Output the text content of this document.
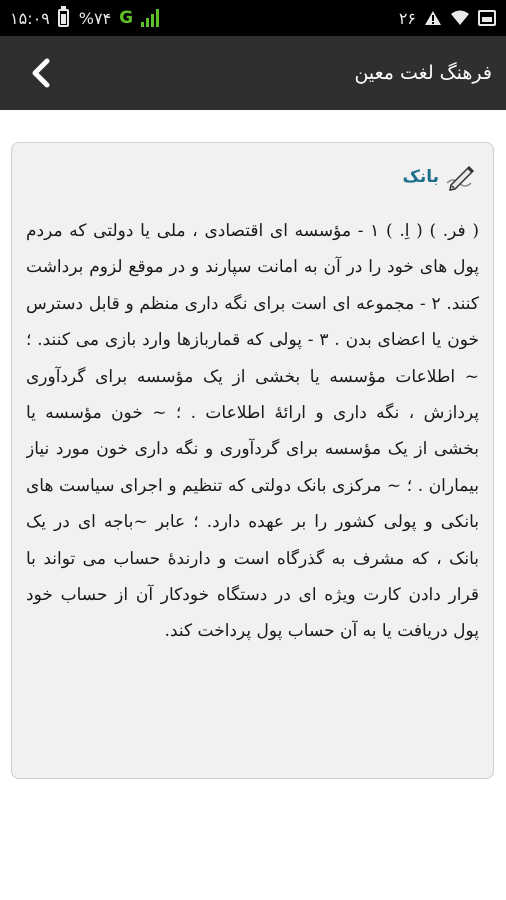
۱۵:۰۹ %۷۴ G	۲۶
فرهنگ لغت معین
بانک
( فر. ) ( اِ. ) ۱ - مؤسسه ای اقتصادی ، ملی یا دولتی که مردم پول های خود را در آن به امانت سپارند و در موقع لزوم برداشت کنند. ۲ - مجموعه ای است برای نگه داری منظم و قابل دسترس خون یا اعضای بدن . ۳ - پولی که قماربازها وارد بازی می کنند. ؛ ~ اطلاعات مؤسسه یا بخشی از یک مؤسسه برای گردآوری پردازش ، نگه داری و ارائهٔ اطلاعات . ؛ ~ خون مؤسسه یا بخشی از یک مؤسسه برای گردآوری و نگه داری خون مورد نیاز بیماران . ؛ ~ مرکزی بانک دولتی که تنظیم و اجرای سیاست های بانکی و پولی کشور را بر عهده دارد. ؛ عابر ~باجه ای در یک بانک ، که مشرف به گذرگاه است و دارندهٔ حساب می تواند با قرار دادن کارت ویژه ای در دستگاه خودکار آن از حساب خود پول دریافت یا به آن حساب پول پرداخت کند.
